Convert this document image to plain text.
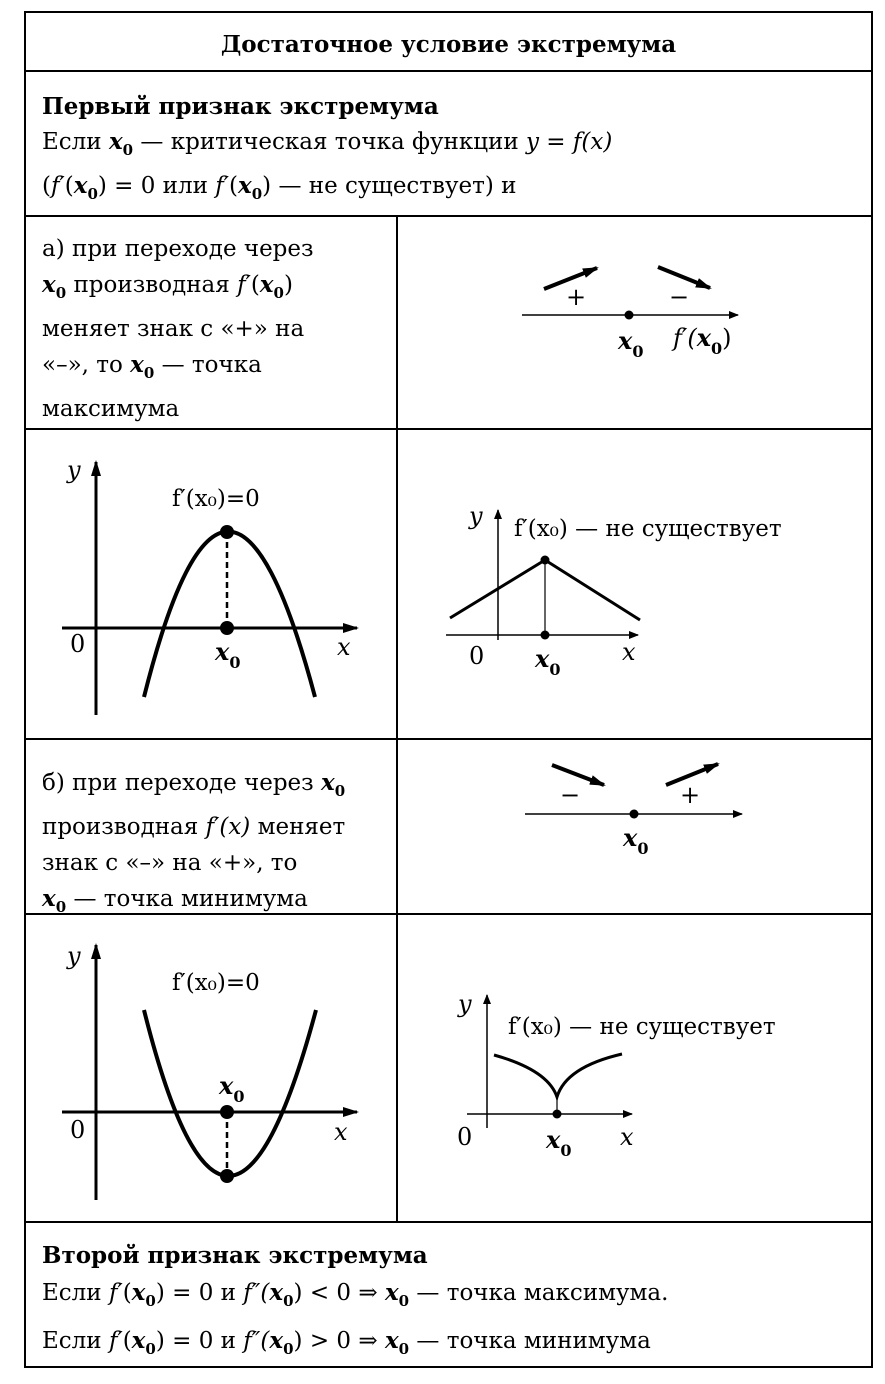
Достаточное условие экстремума
Первый признак экстремума
Если $x_0$ — критическая точка функции y = f(x)
($f'(x_0) = 0$ или $f'(x_0)$ — не существует) и
а) при переходе через
$x_0$ производная $f'(x_0)$
меняет знак с «+» на
«–», то $x_0$ — точка
максимума
б) при переходе через $x_0$
производная f′(x) меняет
знак с «–» на «+», то
$x_0$ — точка минимума
Второй признак экстремума
Если $f'(x_0) = 0$ и $f''(x_0) < 0$ ⇒ $x_0$ — точка максимума.
Если $f'(x_0) = 0$ и $f''(x_0) > 0$ ⇒ $x_0$ — точка минимума
+	−
$x_0$ $f'(x_0)$
y
x
0	$x_0$
f′(x₀)=0
y
x
0 $x_0$
f′(x₀) — не существует
−	+
$x_0$
y
x
0
$x_0$
f′(x₀)=0
y
x
0	$x_0$
f′(x₀) — не существует
